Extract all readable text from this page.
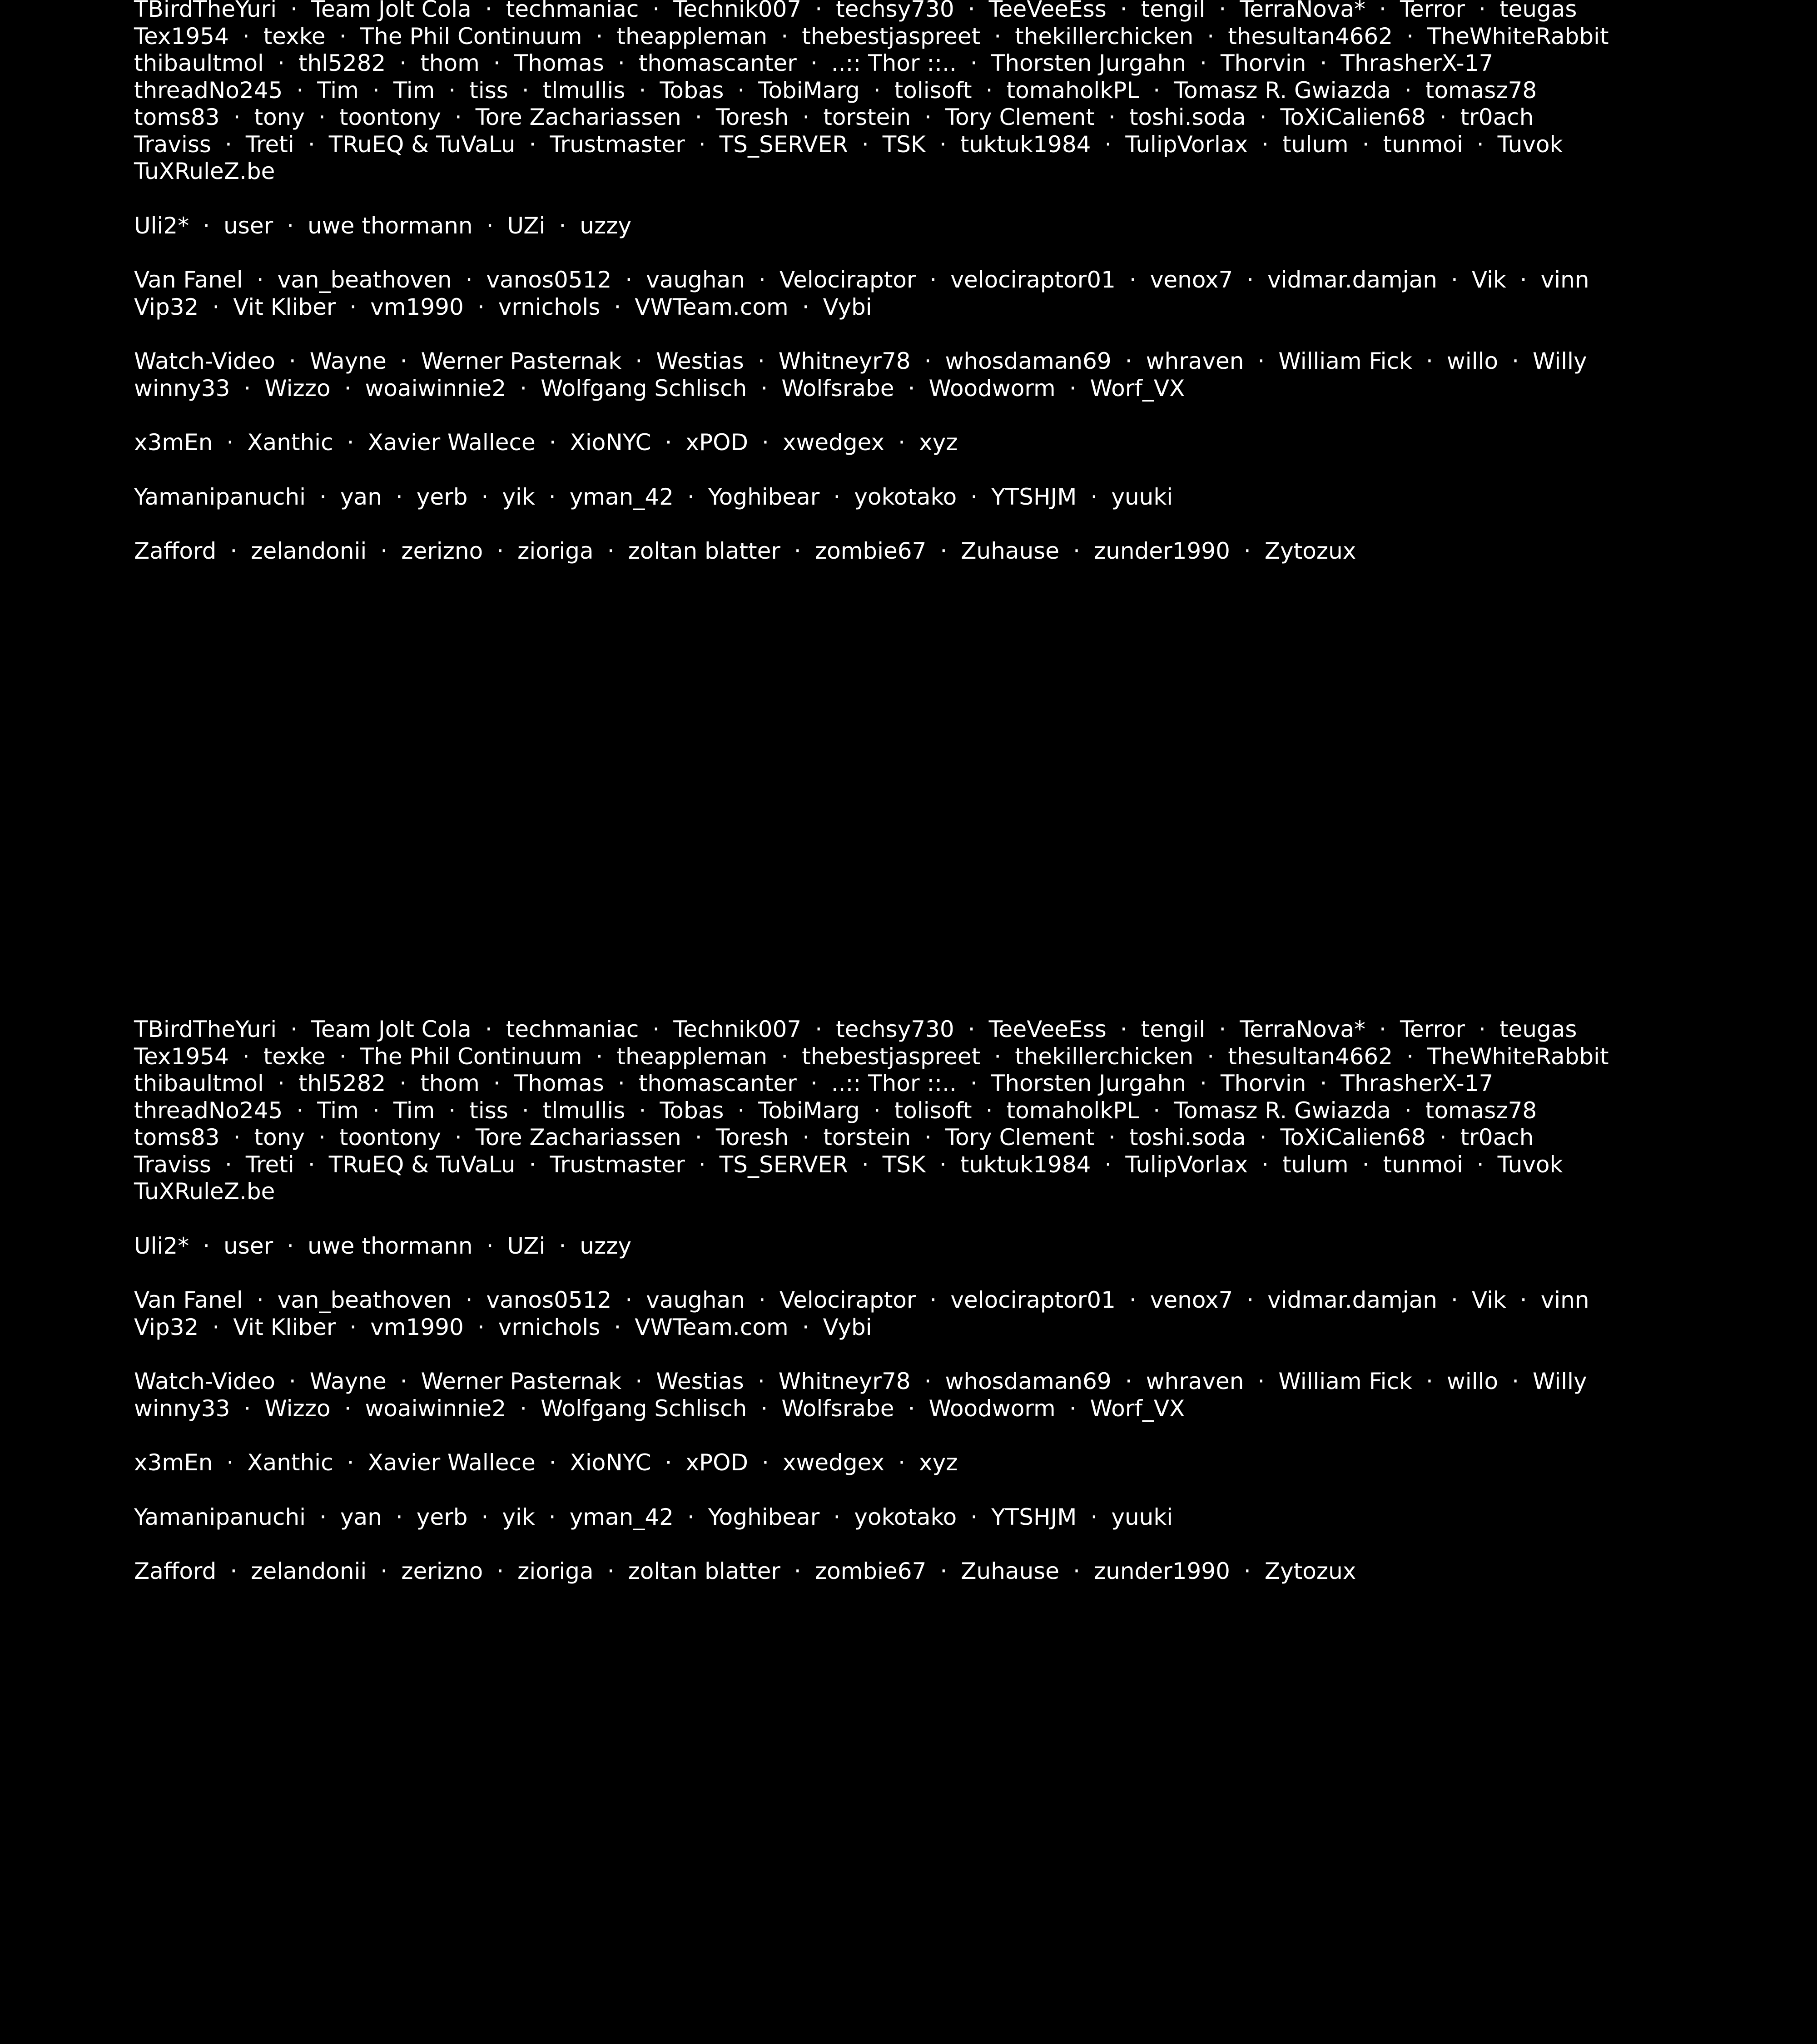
TBirdTheYuri · Team Jolt Cola · techmaniac · Technik007 · techsy730 · TeeVeeEss · tengil · TerraNova* · Terror · teugas

Tex1954 · texke · The Phil Continuum · theappleman · thebestjaspreet · thekillerchicken · thesultan4662 · TheWhiteRabbit

thibaultmol · thl5282 · thom · Thomas · thomascanter · ..:: Thor ::.. · Thorsten Jurgahn · Thorvin · ThrasherX-17

threadNo245 · Tim · Tim · tiss · tlmullis · Tobas · TobiMarg · tolisoft · tomaholkPL · Tomasz R. Gwiazda · tomasz78

toms83 · tony · toontony · Tore Zachariassen · Toresh · torstein · Tory Clement · toshi.soda · ToXiCalien68 · tr0ach

Traviss · Treti · TRuEQ & TuVaLu · Trustmaster · TS_SERVER · TSK · tuktuk1984 · TulipVorlax · tulum · tunmoi · Tuvok

TuXRuleZ.be

Uli2* · user · uwe thormann · UZi · uzzy

Van Fanel · van_beathoven · vanos0512 · vaughan · Velociraptor · velociraptor01 · venox7 · vidmar.damjan · Vik · vinn

Vip32 · Vit Kliber · vm1990 · vrnichols · VWTeam.com · Vybi

Watch-Video · Wayne · Werner Pasternak · Westias · Whitneyr78 · whosdaman69 · whraven · William Fick · willo · Willy

winny33 · Wizzo · woaiwinnie2 · Wolfgang Schlisch · Wolfsrabe · Woodworm · Worf_VX

x3mEn · Xanthic · Xavier Wallece · XioNYC · xPOD · xwedgex · xyz

Yamanipanuchi · yan · yerb · yik · yman_42 · Yoghibear · yokotako · YTSHJM · yuuki

Zafford · zelandonii · zerizno · zioriga · zoltan blatter · zombie67 · Zuhause · zunder1990 · Zytozux

TBirdTheYuri · Team Jolt Cola · techmaniac · Technik007 · techsy730 · TeeVeeEss · tengil · TerraNova* · Terror · teugas

Tex1954 · texke · The Phil Continuum · theappleman · thebestjaspreet · thekillerchicken · thesultan4662 · TheWhiteRabbit

thibaultmol · thl5282 · thom · Thomas · thomascanter · ..:: Thor ::.. · Thorsten Jurgahn · Thorvin · ThrasherX-17

threadNo245 · Tim · Tim · tiss · tlmullis · Tobas · TobiMarg · tolisoft · tomaholkPL · Tomasz R. Gwiazda · tomasz78

toms83 · tony · toontony · Tore Zachariassen · Toresh · torstein · Tory Clement · toshi.soda · ToXiCalien68 · tr0ach

Traviss · Treti · TRuEQ & TuVaLu · Trustmaster · TS_SERVER · TSK · tuktuk1984 · TulipVorlax · tulum · tunmoi · Tuvok

TuXRuleZ.be

Uli2* · user · uwe thormann · UZi · uzzy

Van Fanel · van_beathoven · vanos0512 · vaughan · Velociraptor · velociraptor01 · venox7 · vidmar.damjan · Vik · vinn

Vip32 · Vit Kliber · vm1990 · vrnichols · VWTeam.com · Vybi

Watch-Video · Wayne · Werner Pasternak · Westias · Whitneyr78 · whosdaman69 · whraven · William Fick · willo · Willy

winny33 · Wizzo · woaiwinnie2 · Wolfgang Schlisch · Wolfsrabe · Woodworm · Worf_VX

x3mEn · Xanthic · Xavier Wallece · XioNYC · xPOD · xwedgex · xyz

Yamanipanuchi · yan · yerb · yik · yman_42 · Yoghibear · yokotako · YTSHJM · yuuki

Zafford · zelandonii · zerizno · zioriga · zoltan blatter · zombie67 · Zuhause · zunder1990 · Zytozux
